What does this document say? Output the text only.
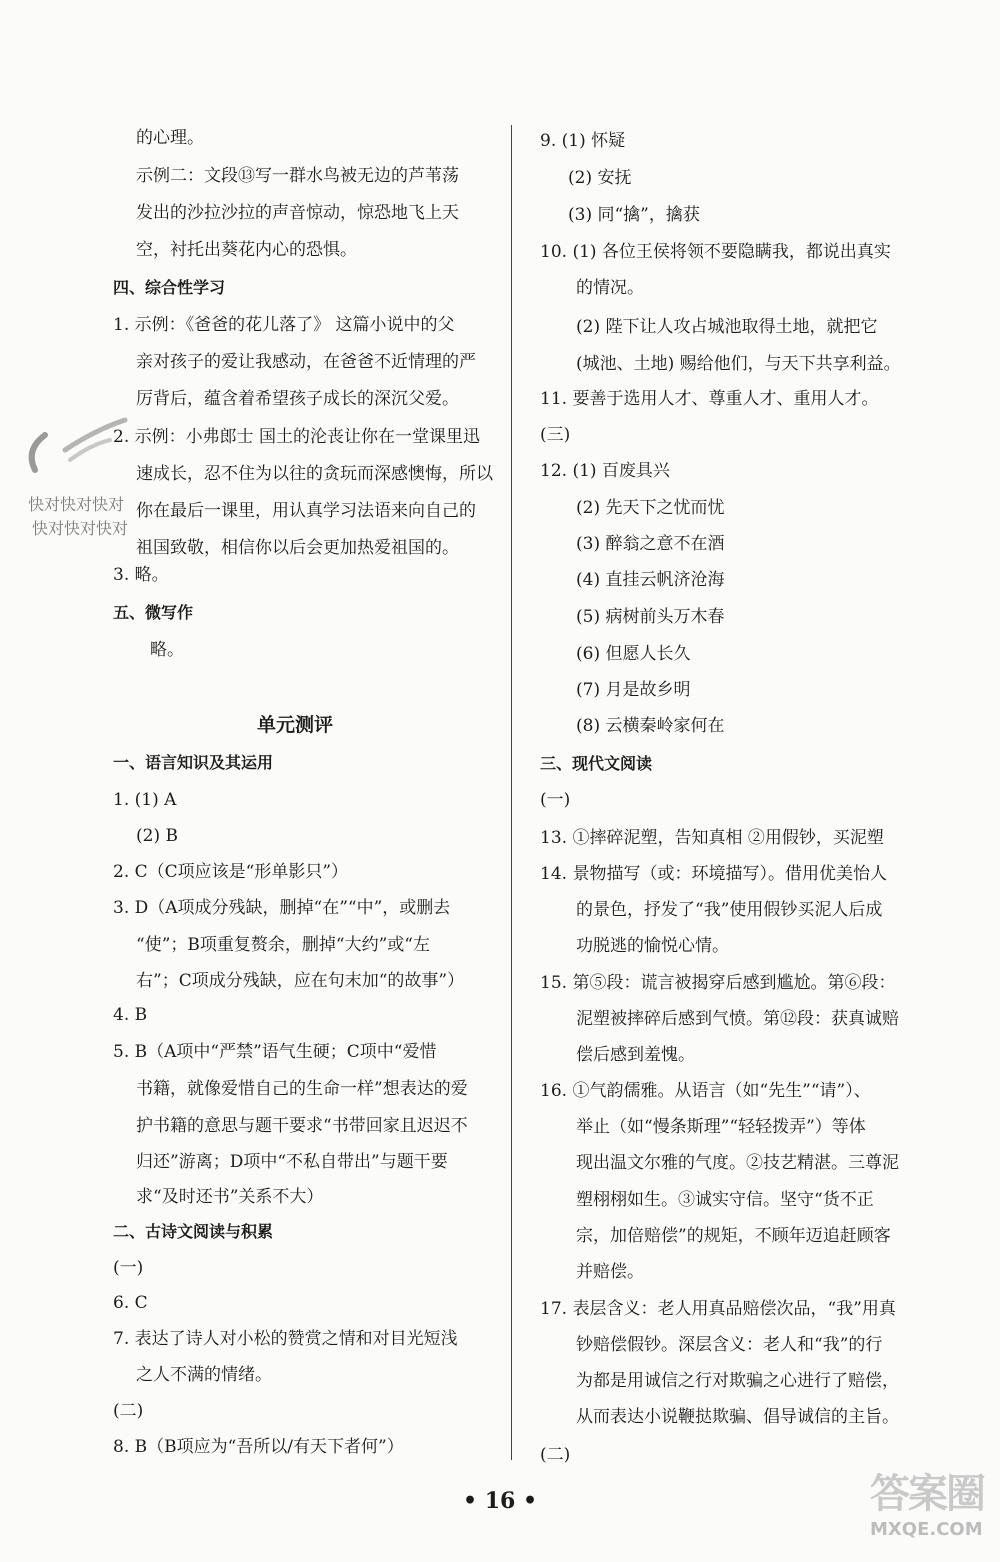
的心理。
示例二：文段⑬写一群水鸟被无边的芦苇荡
发出的沙拉沙拉的声音惊动，惊恐地飞上天
空，衬托出葵花内心的恐惧。
四、综合性学习
1. 示例：《爸爸的花儿落了》 这篇小说中的父
亲对孩子的爱让我感动，在爸爸不近情理的严
厉背后，蕴含着希望孩子成长的深沉父爱。
2. 示例：小弗郎士 国土的沦丧让你在一堂课里迅
速成长，忍不住为以往的贪玩而深感懊悔，所以
你在最后一课里，用认真学习法语来向自己的
祖国致敬，相信你以后会更加热爱祖国的。
3. 略。
五、微写作
略。
单元测评
一、语言知识及其运用
1. (1) A
(2) B
2. C（C项应该是“形单影只”）
3. D（A项成分残缺，删掉“在”“中”，或删去
“使”；B项重复赘余，删掉“大约”或“左
右”；C项成分残缺，应在句末加“的故事”）
4. B
5. B（A项中“严禁”语气生硬；C项中“爱惜
书籍，就像爱惜自己的生命一样”想表达的爱
护书籍的意思与题干要求“书带回家且迟迟不
归还”游离；D项中“不私自带出”与题干要
求“及时还书”关系不大）
二、古诗文阅读与积累
(一)
6. C
7. 表达了诗人对小松的赞赏之情和对目光短浅
之人不满的情绪。
(二)
8. B（B项应为“吾所以/有天下者何”）
9. (1) 怀疑
(2) 安抚
(3) 同“擒”，擒获
10. (1) 各位王侯将领不要隐瞒我，都说出真实
的情况。
(2) 陛下让人攻占城池取得土地，就把它
(城池、土地) 赐给他们，与天下共享利益。
11. 要善于选用人才、尊重人才、重用人才。
(三)
12. (1) 百废具兴
(2) 先天下之忧而忧
(3) 醉翁之意不在酒
(4) 直挂云帆济沧海
(5) 病树前头万木春
(6) 但愿人长久
(7) 月是故乡明
(8) 云横秦岭家何在
三、现代文阅读
(一)
13. ①摔碎泥塑，告知真相 ②用假钞，买泥塑
14. 景物描写（或：环境描写）。借用优美怡人
的景色，抒发了“我”使用假钞买泥人后成
功脱逃的愉悦心情。
15. 第⑤段：谎言被揭穿后感到尴尬。第⑥段：
泥塑被摔碎后感到气愤。第⑫段：获真诚赔
偿后感到羞愧。
16. ①气韵儒雅。从语言（如“先生”“请”）、
举止（如“慢条斯理”“轻轻拨弄”）等体
现出温文尔雅的气度。②技艺精湛。三尊泥
塑栩栩如生。③诚实守信。坚守“货不正
宗，加倍赔偿”的规矩，不顾年迈追赶顾客
并赔偿。
17. 表层含义：老人用真品赔偿次品，“我”用真
钞赔偿假钞。深层含义：老人和“我”的行
为都是用诚信之行对欺骗之心进行了赔偿，
从而表达小说鞭挞欺骗、倡导诚信的主旨。
(二)
快对快对快对
快对快对快对
• 16 •	答案圈
MXQE.COM
